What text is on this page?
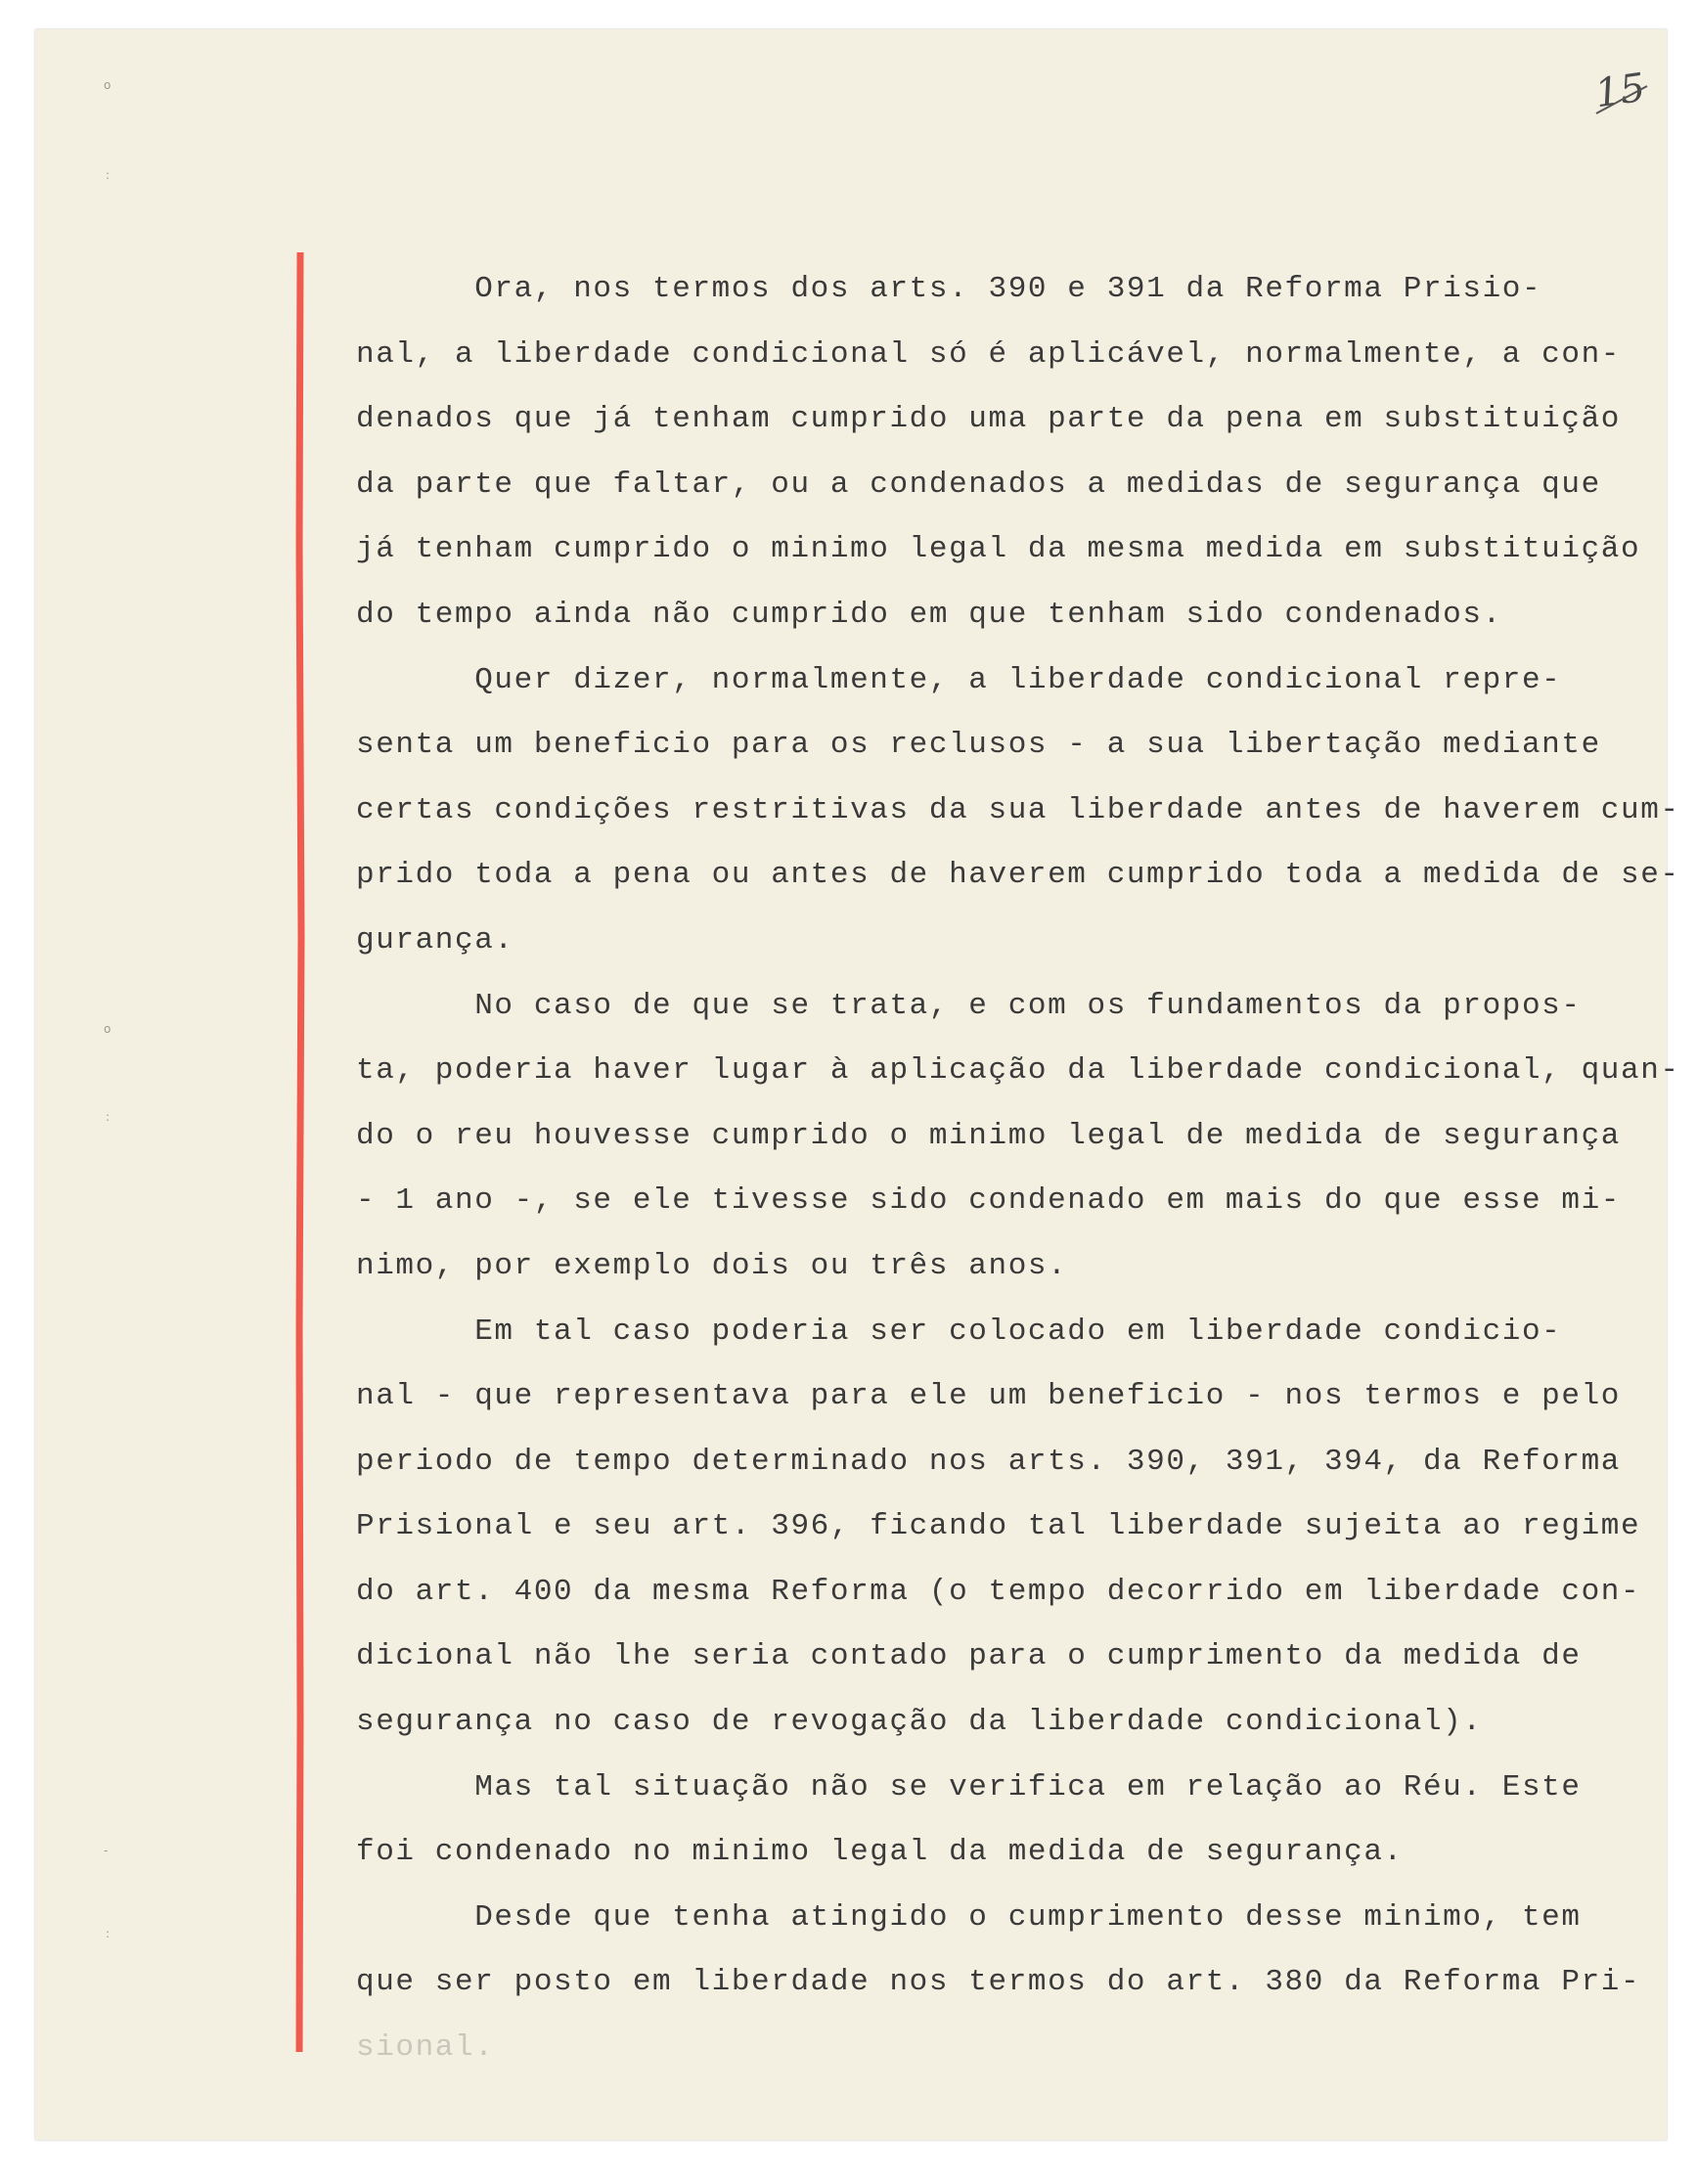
15
o
:
o
:
-
:
Ora, nos termos dos arts. 390 e 391 da Reforma Prisio-
nal, a liberdade condicional só é aplicável, normalmente, a con-
denados que já tenham cumprido uma parte da pena em substituição
da parte que faltar, ou a condenados a medidas de segurança que
já tenham cumprido o minimo legal da mesma medida em substituição
do tempo ainda não cumprido em que tenham sido condenados.
Quer dizer, normalmente, a liberdade condicional repre-
senta um beneficio para os reclusos - a sua libertação mediante
certas condições restritivas da sua liberdade antes de haverem cum-
prido toda a pena ou antes de haverem cumprido toda a medida de se-
gurança.
No caso de que se trata, e com os fundamentos da propos-
ta, poderia haver lugar à aplicação da liberdade condicional, quan-
do o reu houvesse cumprido o minimo legal de medida de segurança
- 1 ano -, se ele tivesse sido condenado em mais do que esse mi-
nimo, por exemplo dois ou três anos.
Em tal caso poderia ser colocado em liberdade condicio-
nal - que representava para ele um beneficio - nos termos e pelo
periodo de tempo determinado nos arts. 390, 391, 394, da Reforma
Prisional e seu art. 396, ficando tal liberdade sujeita ao regime
do art. 400 da mesma Reforma (o tempo decorrido em liberdade con-
dicional não lhe seria contado para o cumprimento da medida de
segurança no caso de revogação da liberdade condicional).
Mas tal situação não se verifica em relação ao Réu. Este
foi condenado no minimo legal da medida de segurança.
Desde que tenha atingido o cumprimento desse minimo, tem
que ser posto em liberdade nos termos do art. 380 da Reforma Pri-
sional.
